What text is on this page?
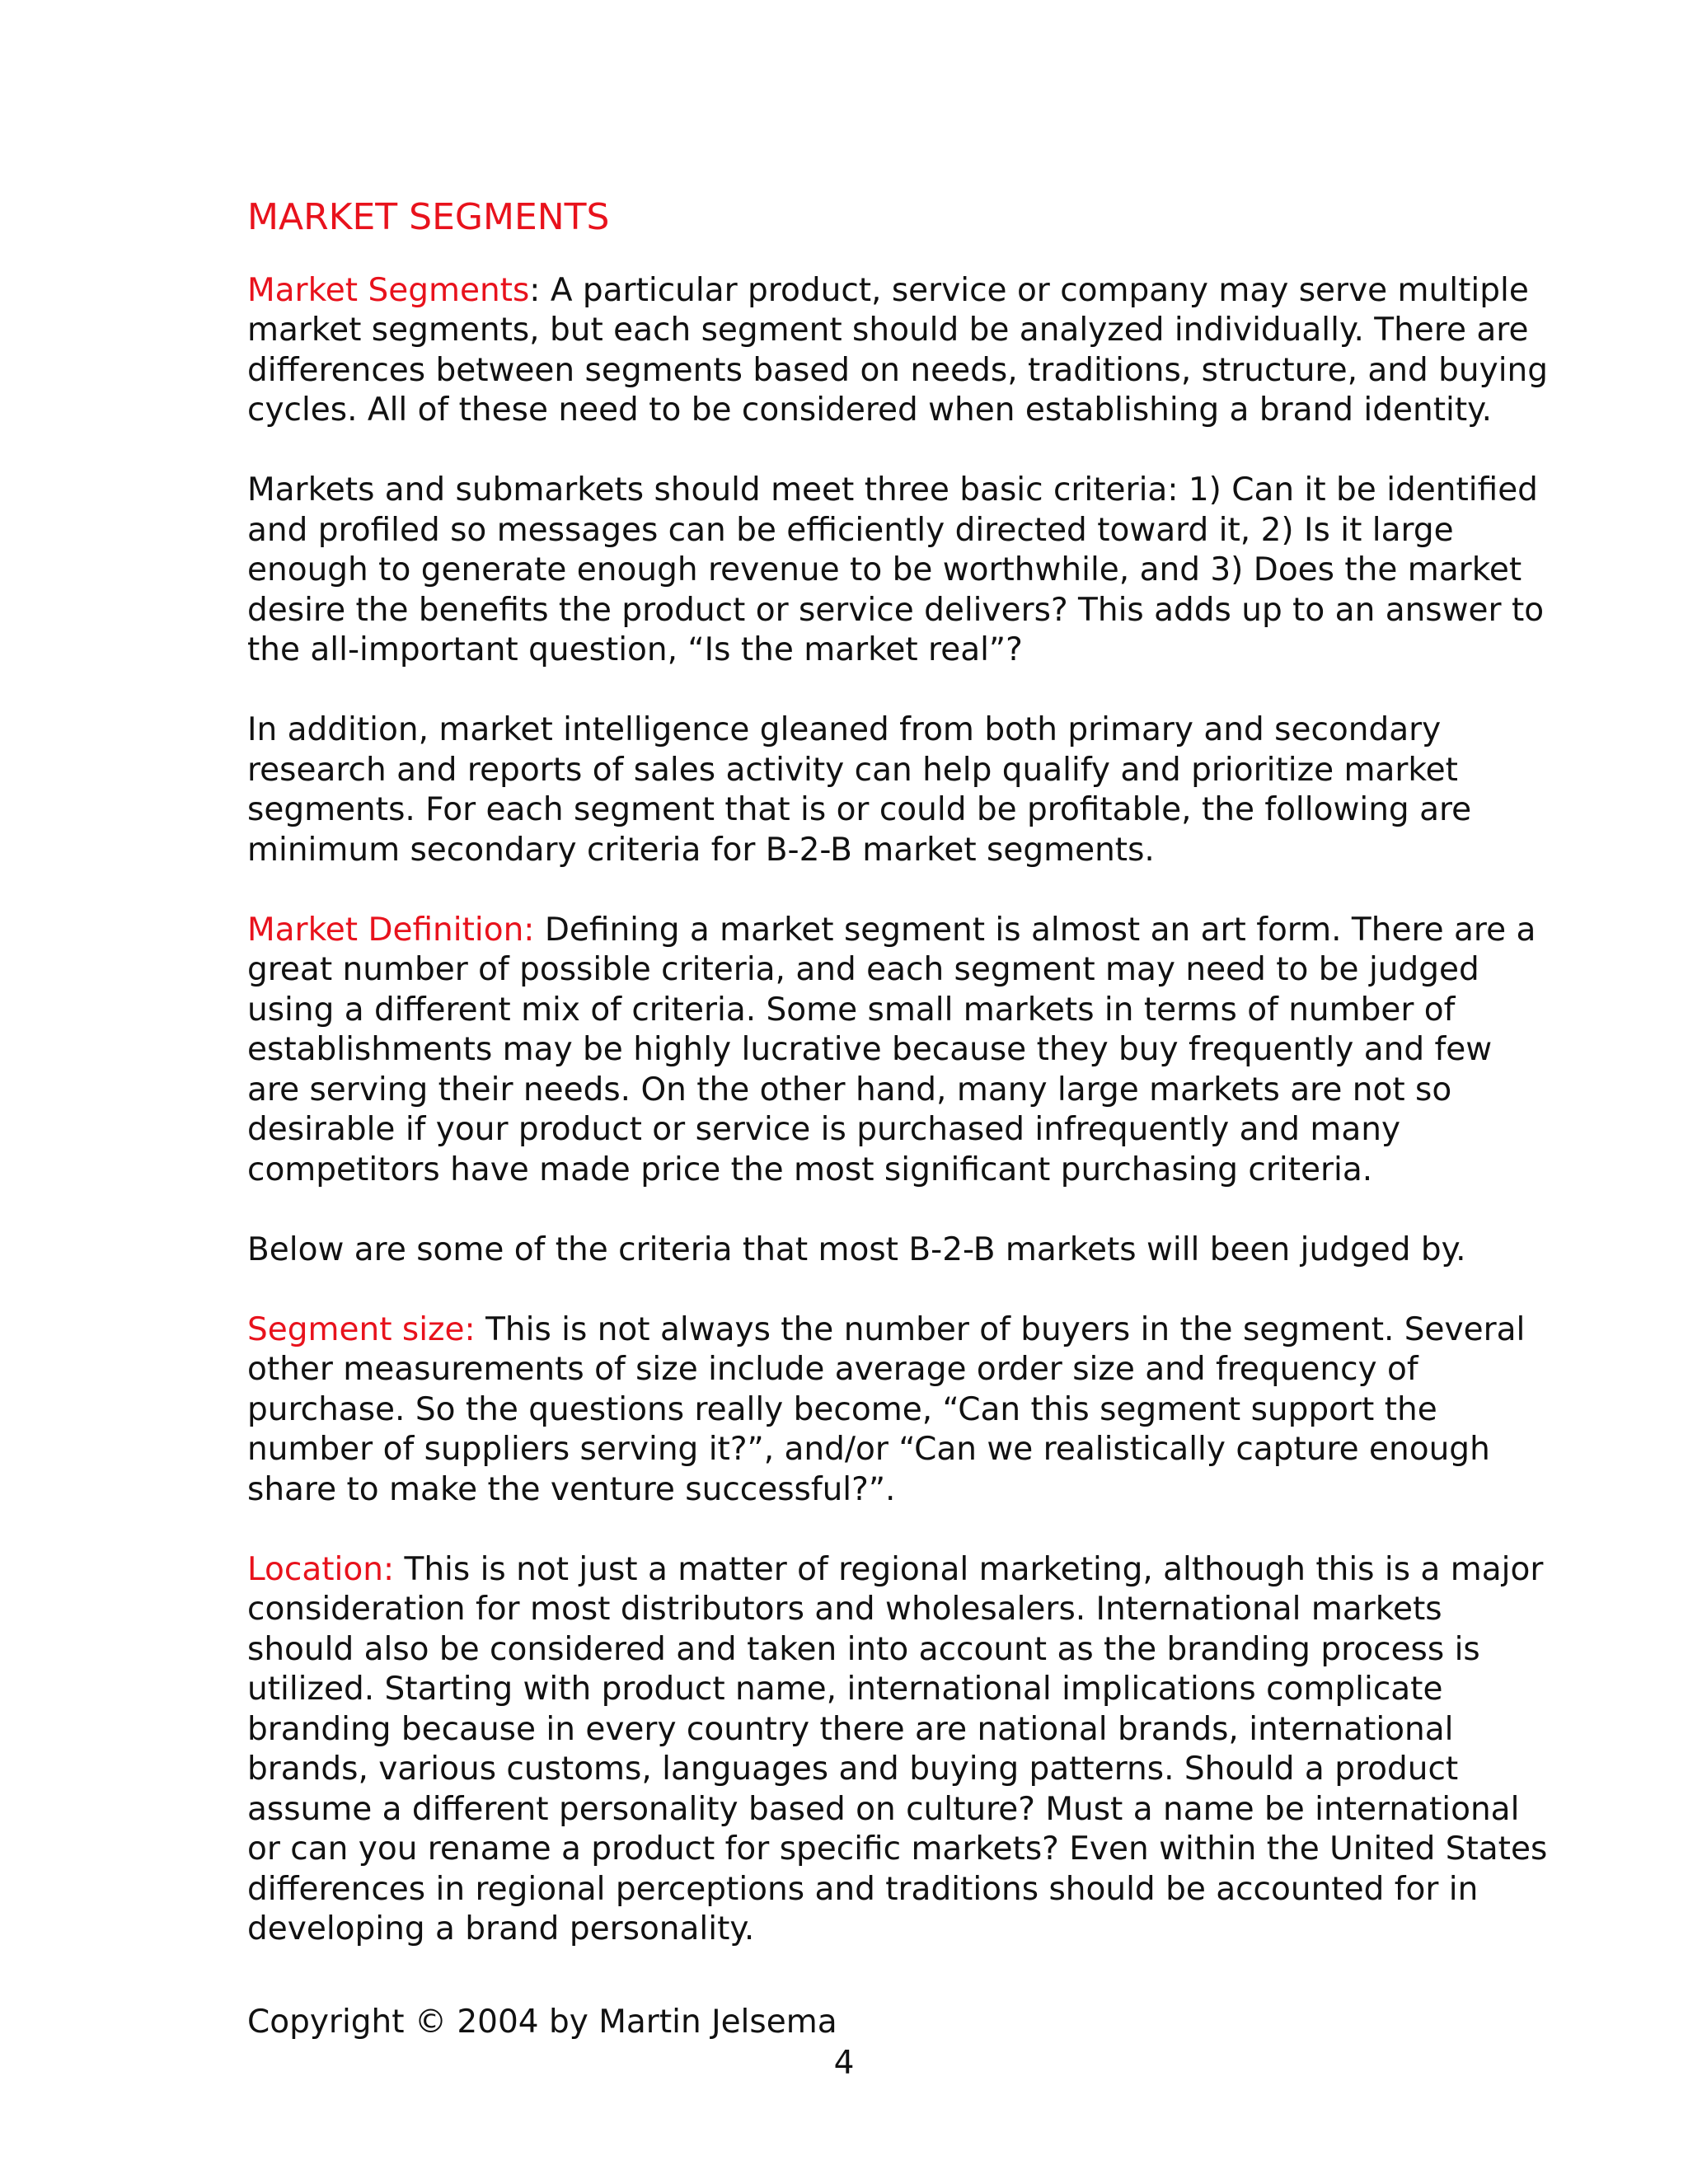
MARKET SEGMENTS

Market Segments: A particular product, service or company may serve multiple market segments, but each segment should be analyzed individually. There are differences between segments based on needs, traditions, structure, and buying cycles. All of these need to be considered when establishing a brand identity.

Markets and submarkets should meet three basic criteria: 1) Can it be identified and profiled so messages can be efficiently directed toward it, 2) Is it large enough to generate enough revenue to be worthwhile, and 3) Does the market desire the benefits the product or service delivers? This adds up to an answer to the all-important question, “Is the market real”?

In addition, market intelligence gleaned from both primary and secondary research and reports of sales activity can help qualify and prioritize market segments. For each segment that is or could be profitable, the following are minimum secondary criteria for B-2-B market segments.

Market Definition: Defining a market segment is almost an art form. There are a great number of possible criteria, and each segment may need to be judged using a different mix of criteria. Some small markets in terms of number of establishments may be highly lucrative because they buy frequently and few are serving their needs. On the other hand, many large markets are not so desirable if your product or service is purchased infrequently and many competitors have made price the most significant purchasing criteria.

Below are some of the criteria that most B-2-B markets will been judged by.

Segment size: This is not always the number of buyers in the segment. Several other measurements of size include average order size and frequency of purchase. So the questions really become, “Can this segment support the number of suppliers serving it?”, and/or “Can we realistically capture enough share to make the venture successful?”.

Location: This is not just a matter of regional marketing, although this is a major consideration for most distributors and wholesalers. International markets should also be considered and taken into account as the branding process is utilized. Starting with product name, international implications complicate branding because in every country there are national brands, international brands, various customs, languages and buying patterns. Should a product assume a different personality based on culture? Must a name be international or can you rename a product for specific markets? Even within the United States differences in regional perceptions and traditions should be accounted for in developing a brand personality.

Copyright © 2004 by Martin Jelsema
4
